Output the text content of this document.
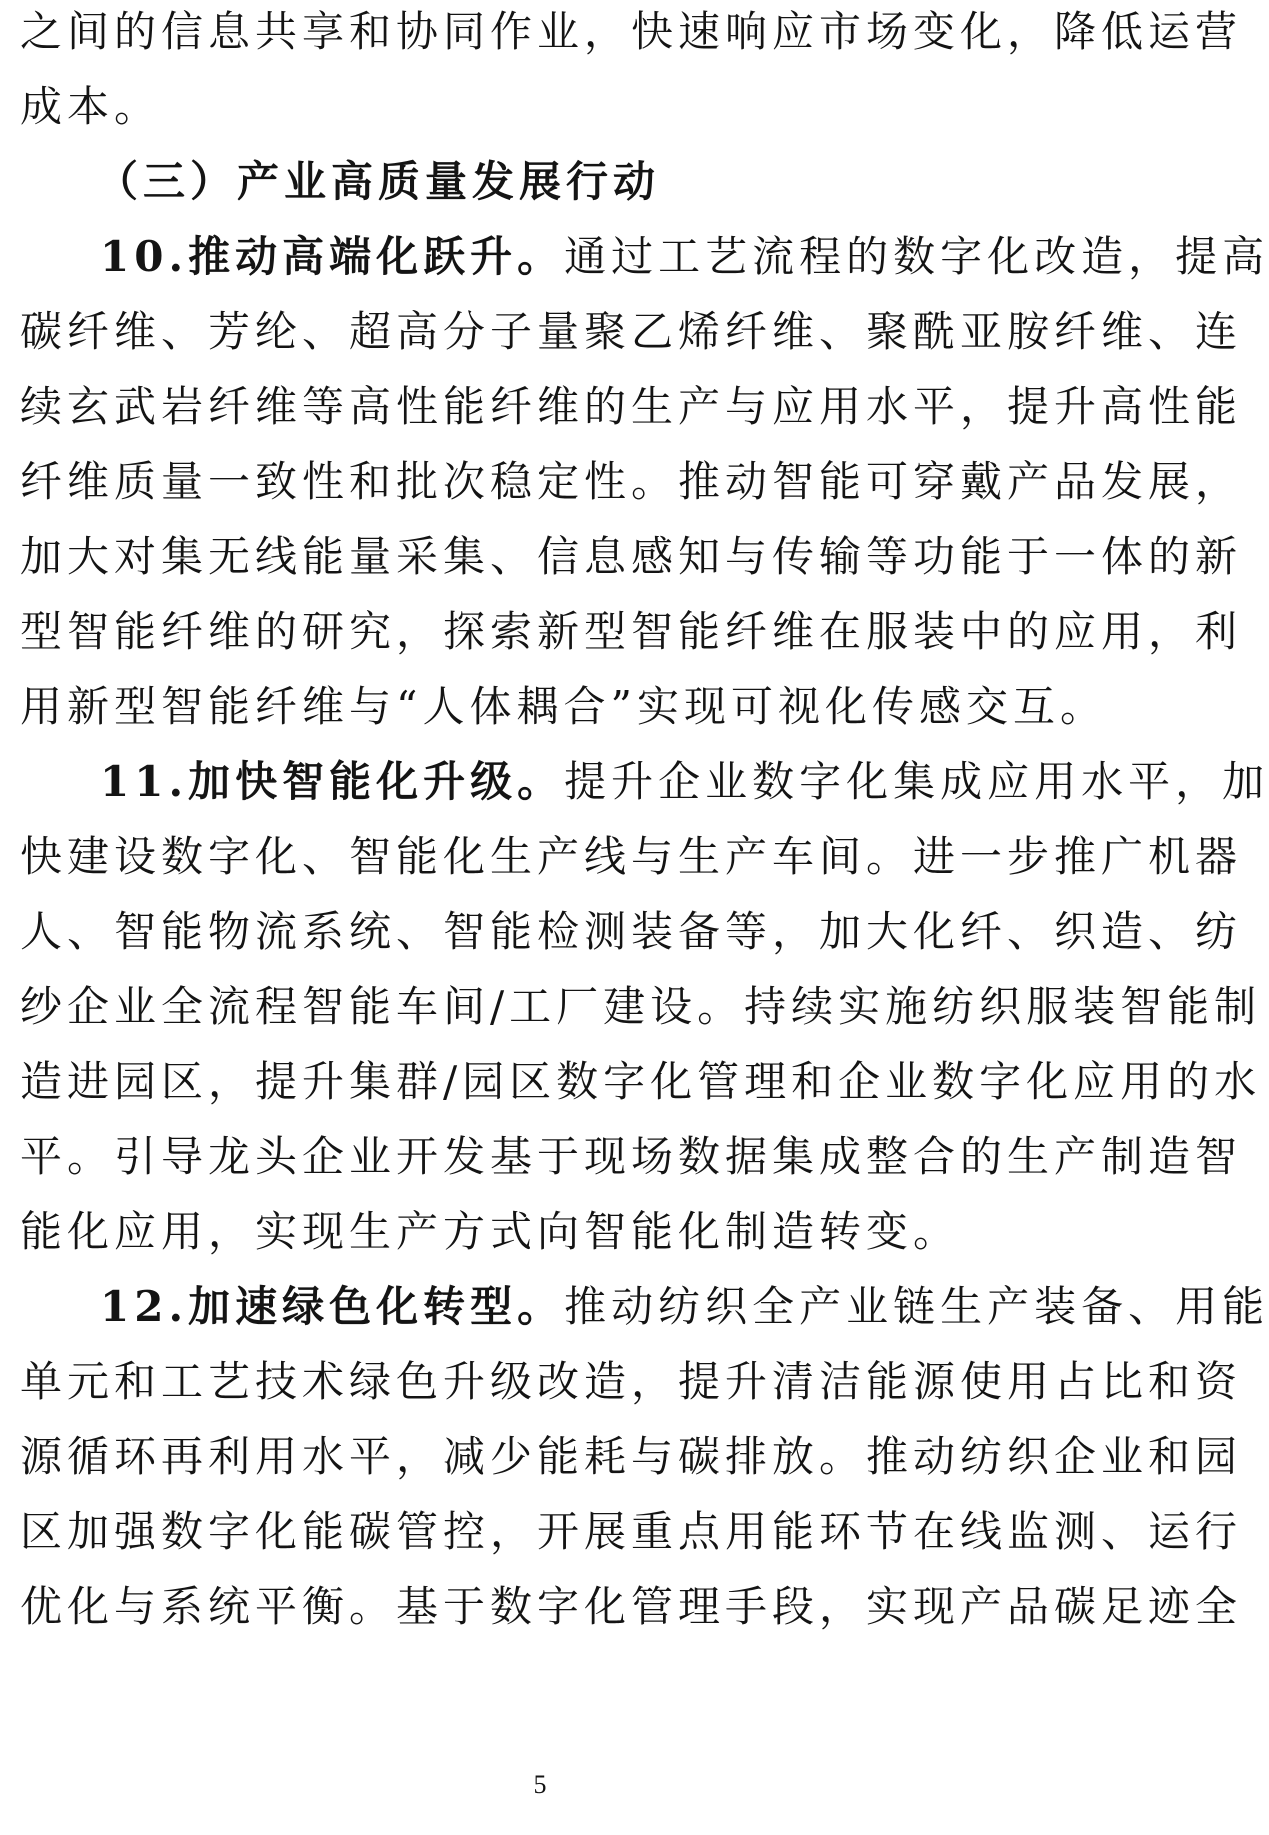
之间的信息共享和协同作业，快速响应市场变化，降低运营
成本。
（三）产业高质量发展行动
10.推动高端化跃升。通过工艺流程的数字化改造，提高
碳纤维、芳纶、超高分子量聚乙烯纤维、聚酰亚胺纤维、连
续玄武岩纤维等高性能纤维的生产与应用水平，提升高性能
纤维质量一致性和批次稳定性。推动智能可穿戴产品发展，
加大对集无线能量采集、信息感知与传输等功能于一体的新
型智能纤维的研究，探索新型智能纤维在服装中的应用，利
用新型智能纤维与“人体耦合”实现可视化传感交互。
11.加快智能化升级。提升企业数字化集成应用水平，加
快建设数字化、智能化生产线与生产车间。进一步推广机器
人、智能物流系统、智能检测装备等，加大化纤、织造、纺
纱企业全流程智能车间/工厂建设。持续实施纺织服装智能制
造进园区，提升集群/园区数字化管理和企业数字化应用的水
平。引导龙头企业开发基于现场数据集成整合的生产制造智
能化应用，实现生产方式向智能化制造转变。
12.加速绿色化转型。推动纺织全产业链生产装备、用能
单元和工艺技术绿色升级改造，提升清洁能源使用占比和资
源循环再利用水平，减少能耗与碳排放。推动纺织企业和园
区加强数字化能碳管控，开展重点用能环节在线监测、运行
优化与系统平衡。基于数字化管理手段，实现产品碳足迹全
5
